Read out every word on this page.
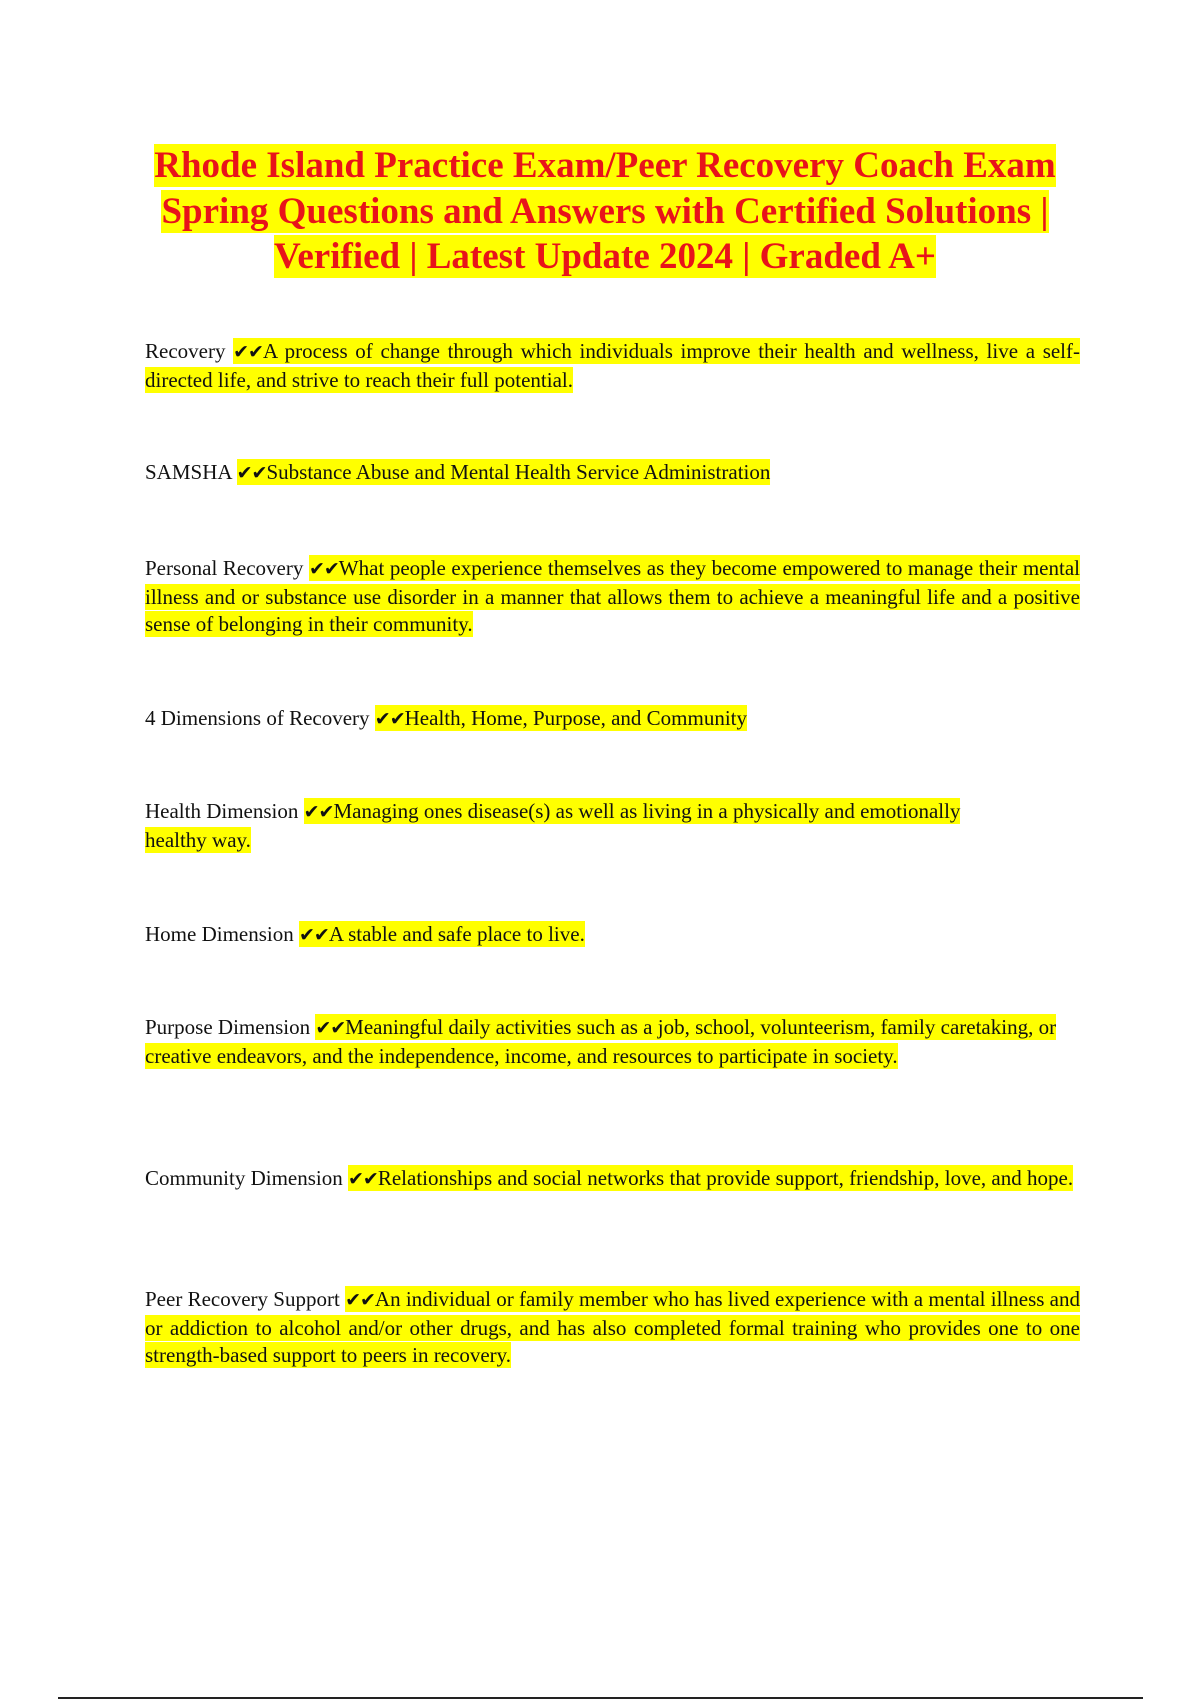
Rhode Island Practice Exam/Peer Recovery Coach Exam Spring Questions and Answers with Certified Solutions | Verified | Latest Update 2024 | Graded A+

Recovery ✔✔A process of change through which individuals improve their health and wellness, live a self-directed life, and strive to reach their full potential.

SAMSHA ✔✔Substance Abuse and Mental Health Service Administration

Personal Recovery ✔✔What people experience themselves as they become empowered to manage their mental illness and or substance use disorder in a manner that allows them to achieve a meaningful life and a positive sense of belonging in their community.

4 Dimensions of Recovery ✔✔Health, Home, Purpose, and Community

Health Dimension ✔✔Managing ones disease(s) as well as living in a physically and emotionally healthy way.

Home Dimension ✔✔A stable and safe place to live.

Purpose Dimension ✔✔Meaningful daily activities such as a job, school, volunteerism, family caretaking, or creative endeavors, and the independence, income, and resources to participate in society.

Community Dimension ✔✔Relationships and social networks that provide support, friendship, love, and hope.

Peer Recovery Support ✔✔An individual or family member who has lived experience with a mental illness and or addiction to alcohol and/or other drugs, and has also completed formal training who provides one to one strength-based support to peers in recovery.
